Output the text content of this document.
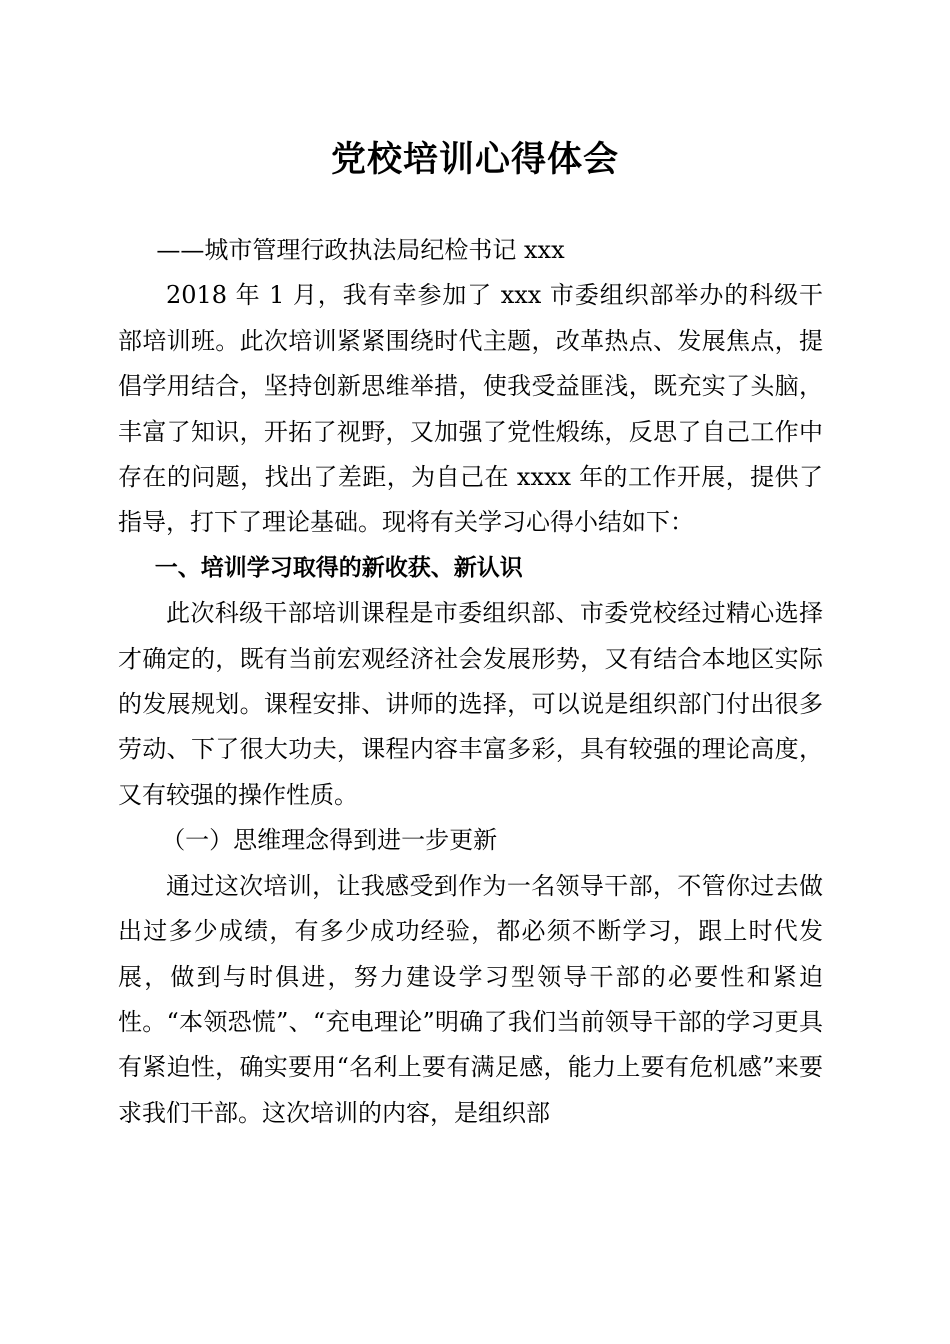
党校培训心得体会

——城市管理行政执法局纪检书记 xxx

2018 年 1 月，我有幸参加了 xxx 市委组织部举办的科级干部培训班。此次培训紧紧围绕时代主题，改革热点、发展焦点，提倡学用结合，坚持创新思维举措，使我受益匪浅，既充实了头脑，丰富了知识，开拓了视野，又加强了党性煅练，反思了自己工作中存在的问题，找出了差距，为自己在 xxxx 年的工作开展，提供了指导，打下了理论基础。现将有关学习心得小结如下：

一、培训学习取得的新收获、新认识

此次科级干部培训课程是市委组织部、市委党校经过精心选择才确定的，既有当前宏观经济社会发展形势，又有结合本地区实际的发展规划。课程安排、讲师的选择，可以说是组织部门付出很多劳动、下了很大功夫，课程内容丰富多彩，具有较强的理论高度，又有较强的操作性质。

（一）思维理念得到进一步更新

通过这次培训，让我感受到作为一名领导干部，不管你过去做出过多少成绩，有多少成功经验，都必须不断学习，跟上时代发展，做到与时俱进，努力建设学习型领导干部的必要性和紧迫性。“本领恐慌”、“充电理论”明确了我们当前领导干部的学习更具有紧迫性，确实要用“名利上要有满足感，能力上要有危机感”来要求我们干部。这次培训的内容，是组织部
